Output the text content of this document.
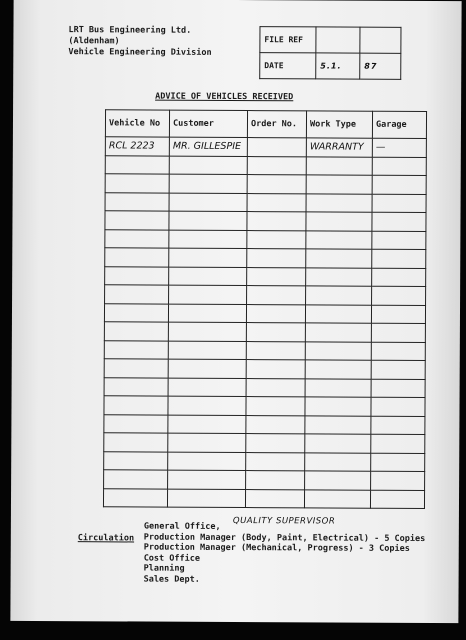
LRT Bus Engineering Ltd.
(Aldenham)
Vehicle Engineering Division
FILE REF		
DATE	5.1.	87
ADVICE OF VEHICLES RECEIVED
Vehicle No	Customer	Order No.	Work Type	Garage
RCL 2223	MR. GILLESPIE		WARRANTY	—

Circulation
QUALITY SUPERVISOR
General Office,
Production Manager (Body, Paint, Electrical) - 5 Copies
Production Manager (Mechanical, Progress) - 3 Copies
Cost Office
Planning
Sales Dept.
